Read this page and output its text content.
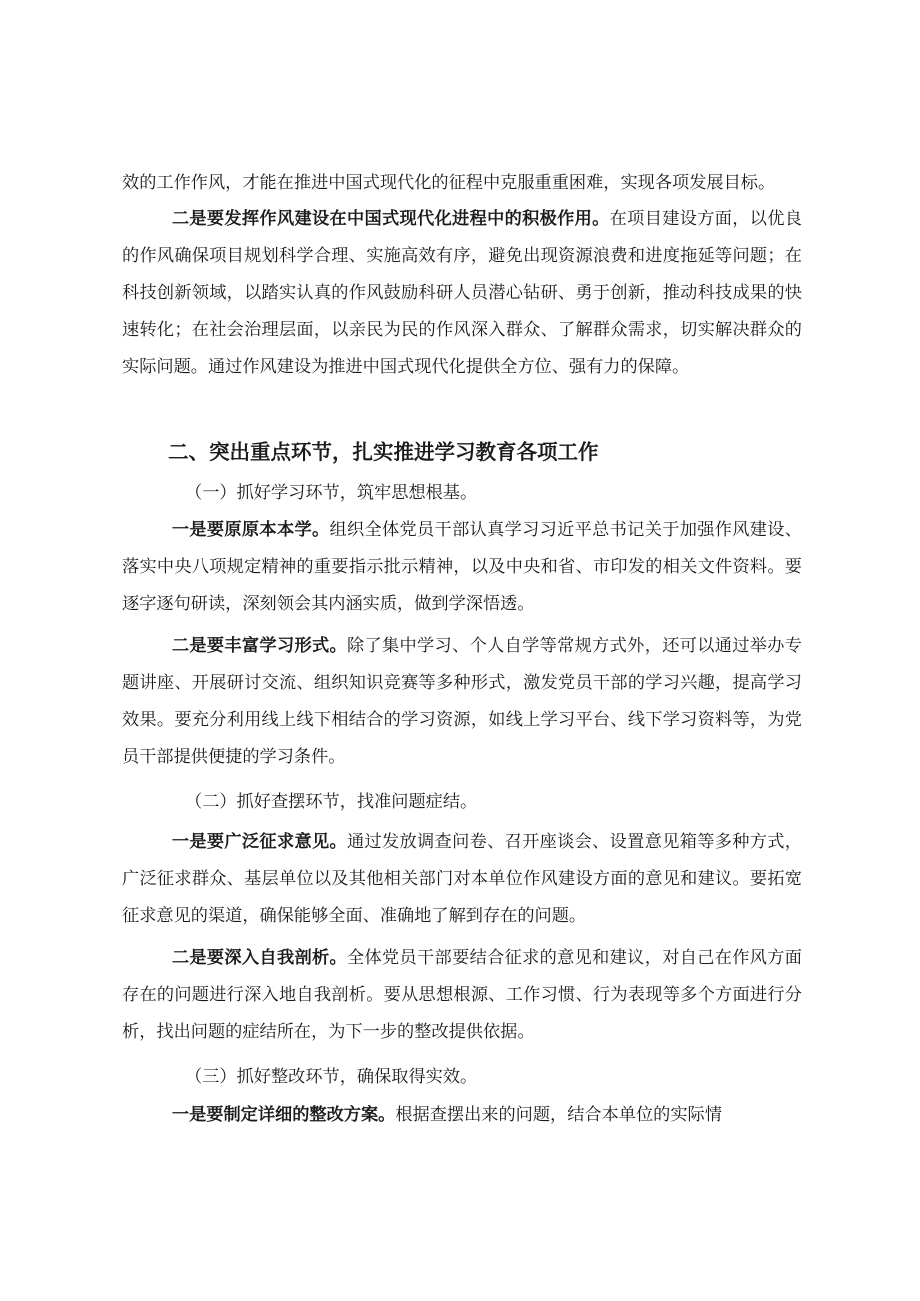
效的工作作风，才能在推进中国式现代化的征程中克服重重困难，实现各项发展目标。

二是要发挥作风建设在中国式现代化进程中的积极作用。在项目建设方面，以优良的作风确保项目规划科学合理、实施高效有序，避免出现资源浪费和进度拖延等问题；在科技创新领域，以踏实认真的作风鼓励科研人员潜心钻研、勇于创新，推动科技成果的快速转化；在社会治理层面，以亲民为民的作风深入群众、了解群众需求，切实解决群众的实际问题。通过作风建设为推进中国式现代化提供全方位、强有力的保障。

二、突出重点环节，扎实推进学习教育各项工作

（一）抓好学习环节，筑牢思想根基。

一是要原原本本学。组织全体党员干部认真学习习近平总书记关于加强作风建设、落实中央八项规定精神的重要指示批示精神，以及中央和省、市印发的相关文件资料。要逐字逐句研读，深刻领会其内涵实质，做到学深悟透。

二是要丰富学习形式。除了集中学习、个人自学等常规方式外，还可以通过举办专题讲座、开展研讨交流、组织知识竞赛等多种形式，激发党员干部的学习兴趣，提高学习效果。要充分利用线上线下相结合的学习资源，如线上学习平台、线下学习资料等，为党员干部提供便捷的学习条件。

（二）抓好查摆环节，找准问题症结。

一是要广泛征求意见。通过发放调查问卷、召开座谈会、设置意见箱等多种方式，广泛征求群众、基层单位以及其他相关部门对本单位作风建设方面的意见和建议。要拓宽征求意见的渠道，确保能够全面、准确地了解到存在的问题。

二是要深入自我剖析。全体党员干部要结合征求的意见和建议，对自己在作风方面存在的问题进行深入地自我剖析。要从思想根源、工作习惯、行为表现等多个方面进行分析，找出问题的症结所在，为下一步的整改提供依据。

（三）抓好整改环节，确保取得实效。

一是要制定详细的整改方案。根据查摆出来的问题，结合本单位的实际情
